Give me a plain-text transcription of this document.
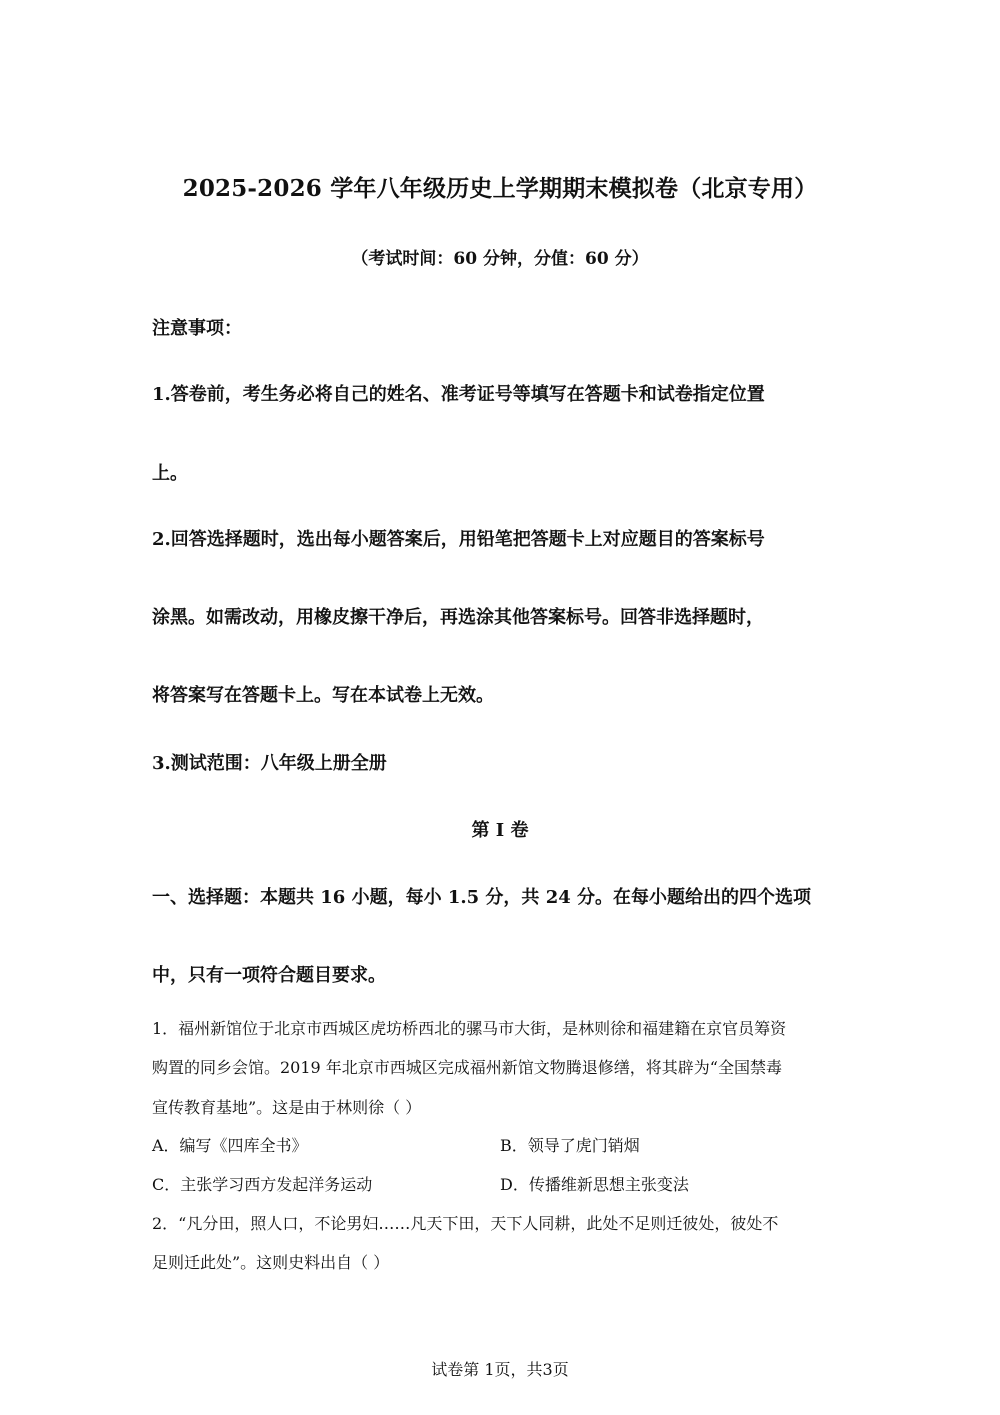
2025-2026 学年八年级历史上学期期末模拟卷（北京专用）
（考试时间：60 分钟，分值：60 分）
注意事项：
1.答卷前，考生务必将自己的姓名、准考证号等填写在答题卡和试卷指定位置
上。
2.回答选择题时，选出每小题答案后，用铅笔把答题卡上对应题目的答案标号
涂黑。如需改动，用橡皮擦干净后，再选涂其他答案标号。回答非选择题时，
将答案写在答题卡上。写在本试卷上无效。
3.测试范围：八年级上册全册
第 I 卷
一、选择题：本题共 16 小题，每小 1.5 分，共 24 分。在每小题给出的四个选项
中，只有一项符合题目要求。
1．福州新馆位于北京市西城区虎坊桥西北的骡马市大街，是林则徐和福建籍在京官员筹资
购置的同乡会馆。2019 年北京市西城区完成福州新馆文物腾退修缮，将其辟为“全国禁毒
宣传教育基地”。这是由于林则徐（ ）
A．编写《四库全书》	B．领导了虎门销烟
C．主张学习西方发起洋务运动	D．传播维新思想主张变法
2．“凡分田，照人口，不论男妇……凡天下田，天下人同耕，此处不足则迁彼处，彼处不
足则迁此处”。这则史料出自（ ）
试卷第 1页，共3页
